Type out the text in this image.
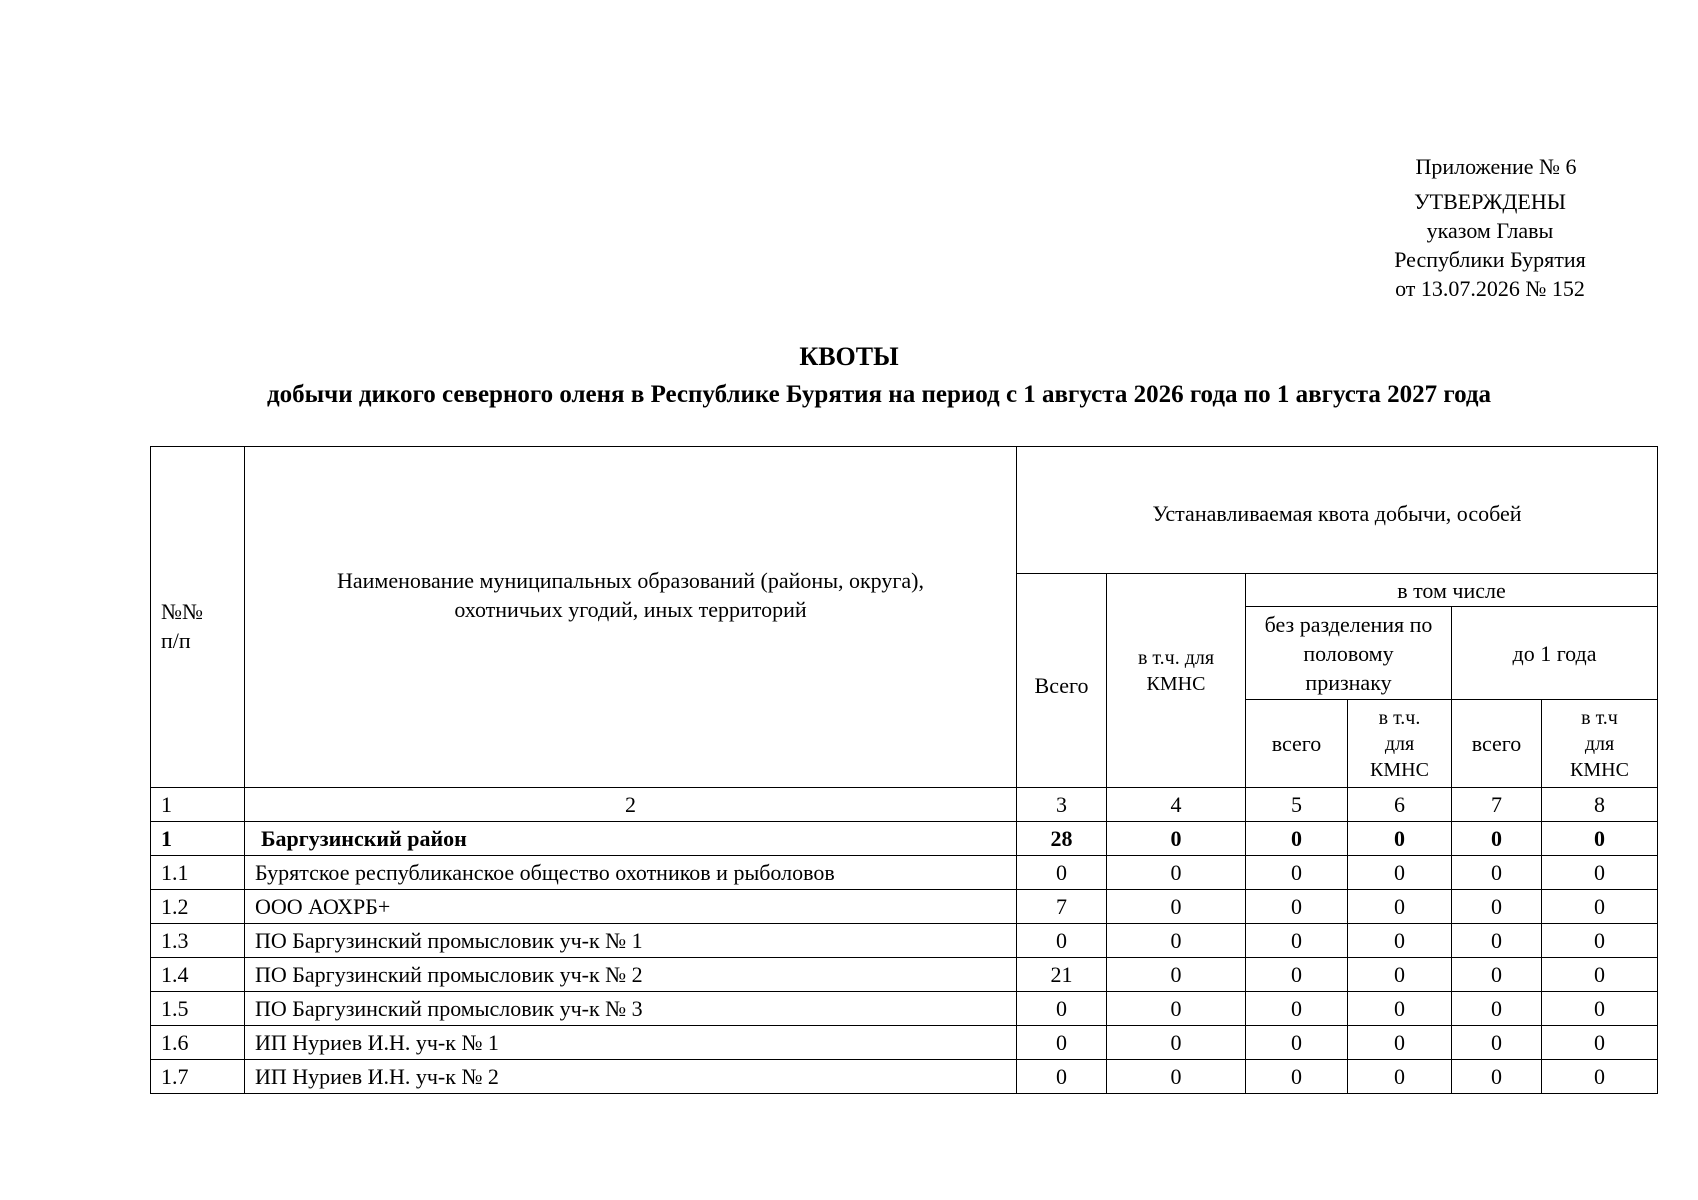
Приложение № 6
УТВЕРЖДЕНЫ
указом Главы
Республики Бурятия
от 13.07.2026 № 152
КВОТЫ
добычи дикого северного оленя в Республике Бурятия на период с 1 августа 2026 года по 1 августа 2027 года
№№ п/п	Наименование муниципальных образований (районы, округа), охотничьих угодий, иных территорий	Устанавливаемая квота добычи, особей					
		Всего	в т.ч. для КМНС	в том числе			

				без разделения по половому признаку		до 1 года	
				всего	в т.ч. для КМНС	всего	в т.ч для КМНС

1	2	3	4	5	6	7	8
1	Баргузинский район	28	0	0	0	0	0
1.1	Бурятское республиканское общество охотников и рыболовов	0	0	0	0	0	0
1.2	ООО АОХРБ+	7	0	0	0	0	0
1.3	ПО Баргузинский промысловик уч-к № 1	0	0	0	0	0	0
1.4	ПО Баргузинский промысловик уч-к № 2	21	0	0	0	0	0
1.5	ПО Баргузинский промысловик уч-к № 3	0	0	0	0	0	0
1.6	ИП Нуриев И.Н. уч-к № 1	0	0	0	0	0	0
1.7	ИП Нуриев И.Н. уч-к № 2	0	0	0	0	0	0
